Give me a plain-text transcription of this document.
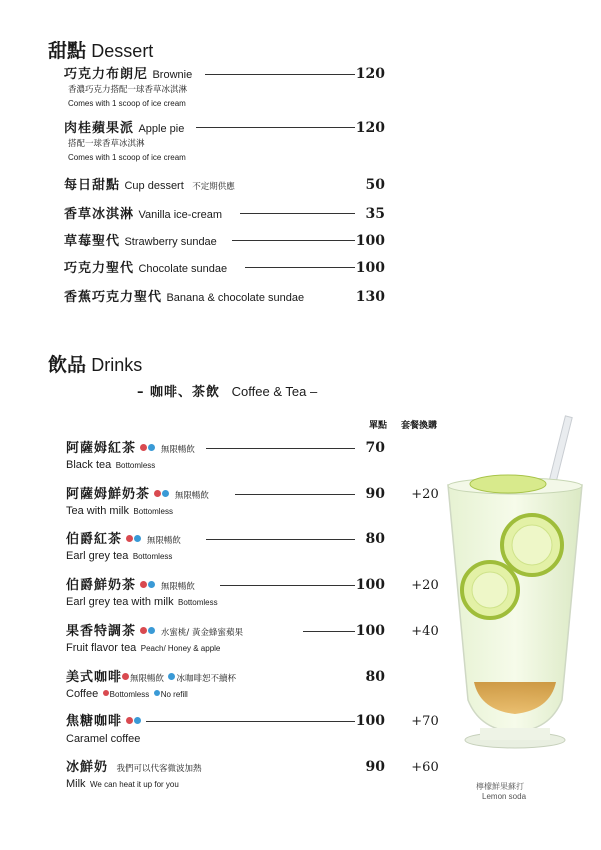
甜點 Dessert
巧克力布朗尼 Brownie	120
香濃巧克力搭配一球香草冰淇淋
Comes with 1 scoop of ice cream
肉桂蘋果派 Apple pie	120
搭配一球香草冰淇淋
Comes with 1 scoop of ice cream
每日甜點 Cup dessert 不定期供應	50
香草冰淇淋 Vanilla ice-cream	35
草莓聖代 Strawberry sundae	100
巧克力聖代 Chocolate sundae	100
香蕉巧克力聖代 Banana & chocolate sundae	130
飲品 Drinks
– 咖啡、茶飲 Coffee & Tea –
單點 套餐換購
阿薩姆紅茶	無限暢飲	70
Black tea Bottomless
阿薩姆鮮奶茶	無限暢飲	90	+20
Tea with milk Bottomless
伯爵紅茶	無限暢飲	80
Earl grey tea Bottomless
伯爵鮮奶茶	無限暢飲	100	+20
Earl grey tea with milk Bottomless
果香特調茶	水蜜桃/ 黃金蜂蜜蘋果	100	+40
Fruit flavor tea Peach/ Honey & apple
美式咖啡 無限暢飲 冰咖啡恕不續杯	80
Coffee Bottomless No refill
焦糖咖啡	100	+70
Caramel coffee
冰鮮奶 我們可以代客微波加熱	90	+60
Milk We can heat it up for you	檸檬鮮果蘇打
Lemon soda
